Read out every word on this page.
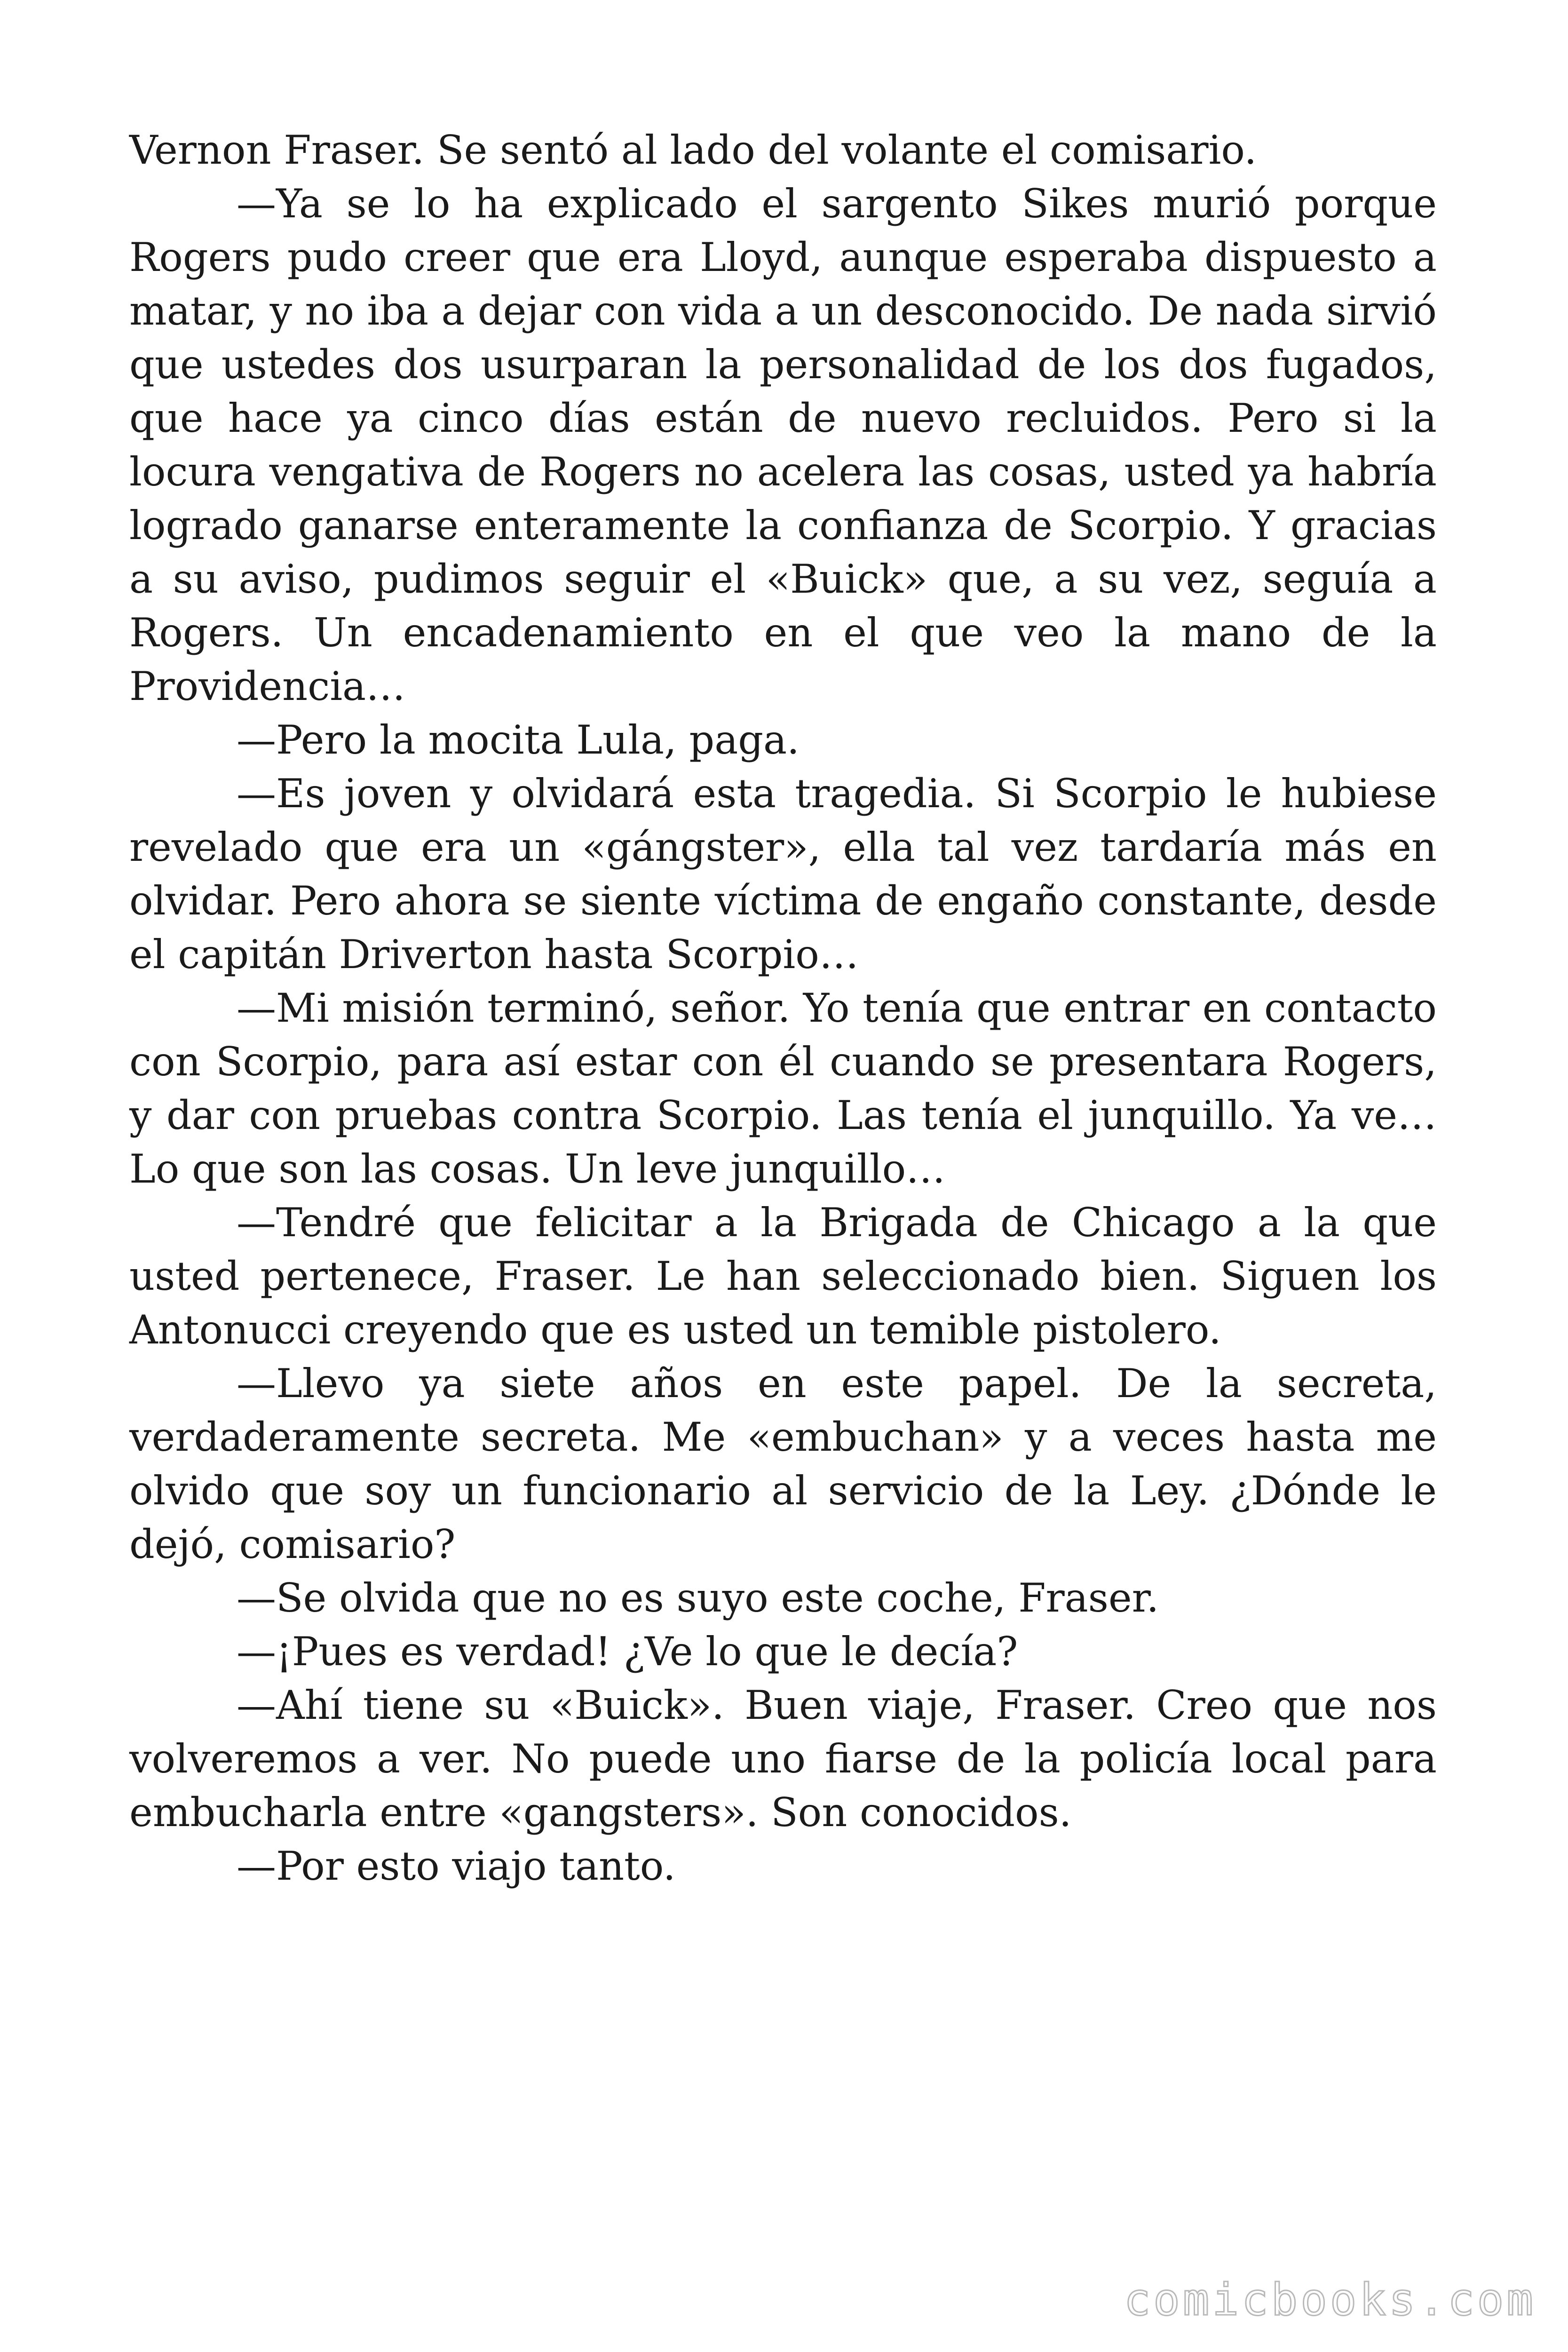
Vernon Fraser. Se sentó al lado del volante el comisario.

—Ya se lo ha explicado el sargento Sikes murió porque Rogers pudo creer que era Lloyd, aunque esperaba dispuesto a matar, y no iba a dejar con vida a un desconocido. De nada sirvió que ustedes dos usurparan la personalidad de los dos fugados, que hace ya cinco días están de nuevo recluidos. Pero si la locura vengativa de Rogers no acelera las cosas, usted ya habría logrado ganarse enteramente la confianza de Scorpio. Y gracias a su aviso, pudimos seguir el «Buick» que, a su vez, seguía a Rogers. Un encadenamiento en el que veo la mano de la Providencia…

—Pero la mocita Lula, paga.

—Es joven y olvidará esta tragedia. Si Scorpio le hubiese revelado que era un «gángster», ella tal vez tardaría más en olvidar. Pero ahora se siente víctima de engaño constante, desde el capitán Driverton hasta Scorpio…

—Mi misión terminó, señor. Yo tenía que entrar en contacto con Scorpio, para así estar con él cuando se presentara Rogers, y dar con pruebas contra Scorpio. Las tenía el junquillo. Ya ve… Lo que son las cosas. Un leve junquillo…

—Tendré que felicitar a la Brigada de Chicago a la que usted pertenece, Fraser. Le han seleccionado bien. Siguen los Antonucci creyendo que es usted un temible pistolero.

—Llevo ya siete años en este papel. De la secreta, verdaderamente secreta. Me «embuchan» y a veces hasta me olvido que soy un funcionario al servicio de la Ley. ¿Dónde le dejó, comisario?

—Se olvida que no es suyo este coche, Fraser.

—¡Pues es verdad! ¿Ve lo que le decía?

—Ahí tiene su «Buick». Buen viaje, Fraser. Creo que nos volveremos a ver. No puede uno fiarse de la policía local para embucharla entre «gangsters». Son conocidos.

—Por esto viajo tanto.

comicbooks.com
